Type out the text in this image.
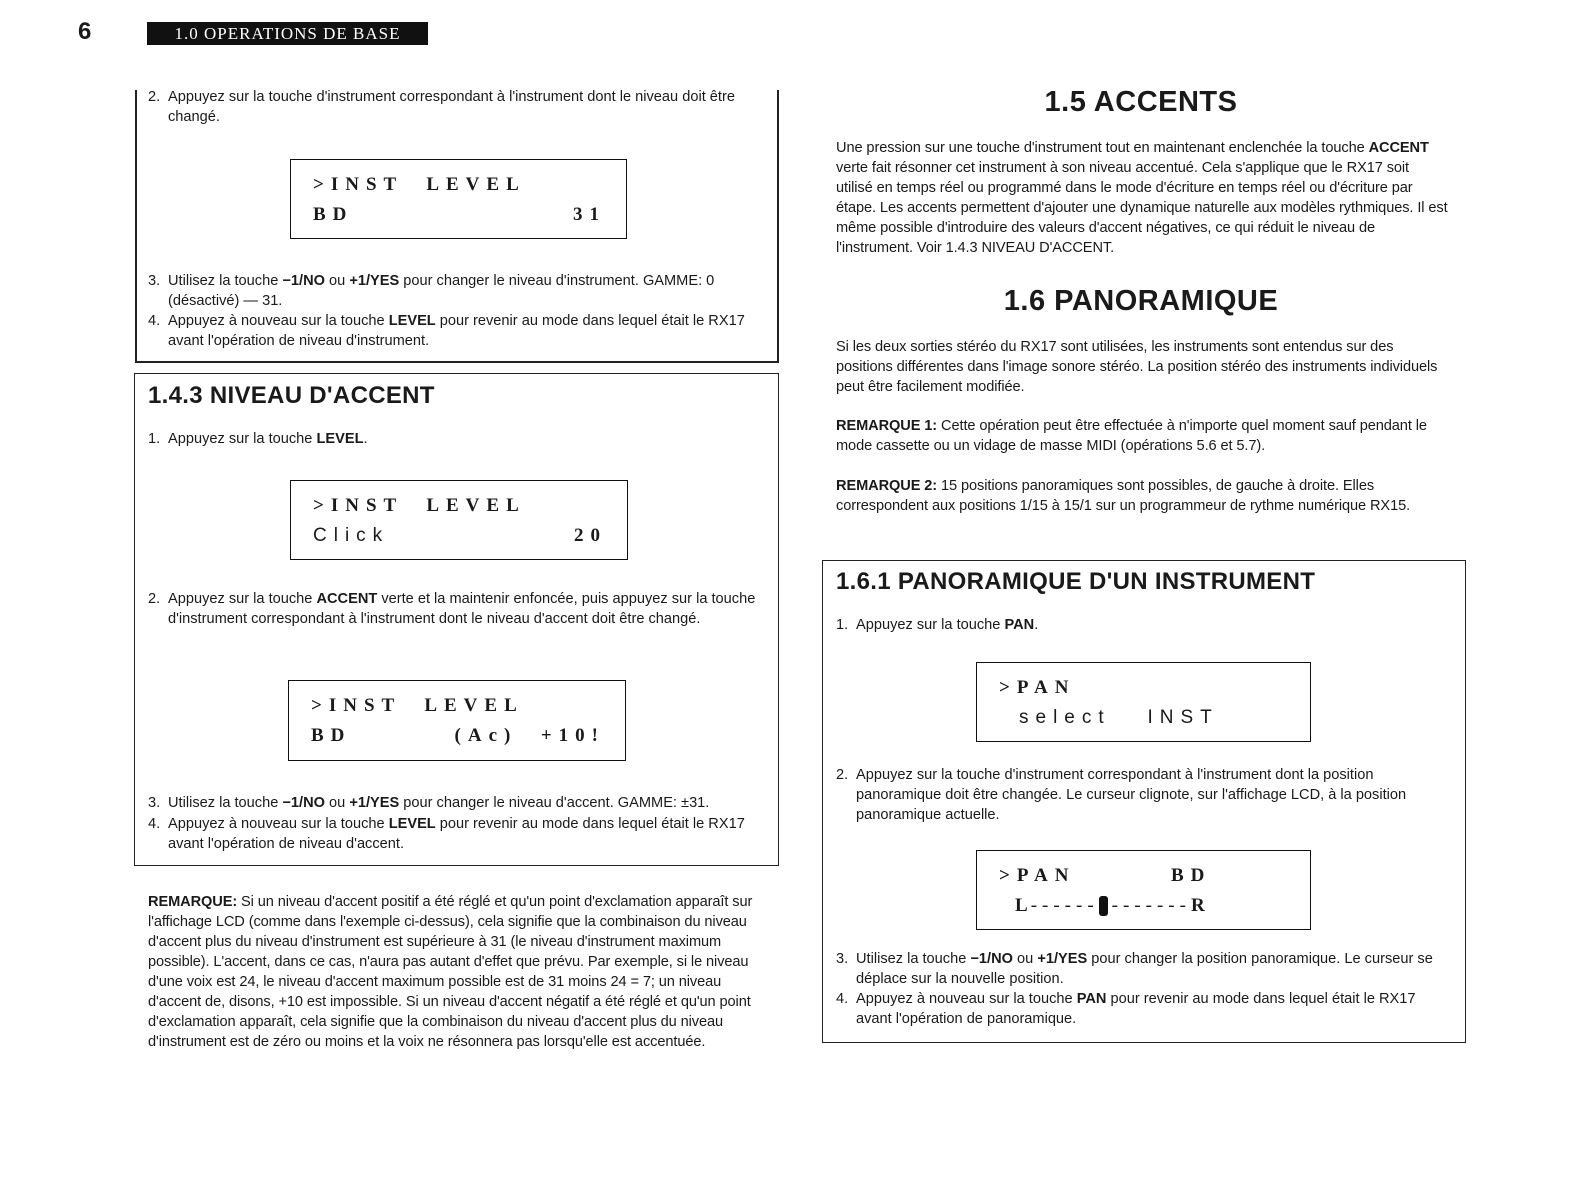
6	1.0 OPERATIONS DE BASE
2. Appuyez sur la touche d'instrument correspondant à l'instrument dont le niveau doit être changé.
>INST  LEVEL
BD	31
3. Utilisez la touche −1/NO ou +1/YES pour changer le niveau d'instrument. GAMME: 0 (désactivé) — 31.
4. Appuyez à nouveau sur la touche LEVEL pour revenir au mode dans lequel était le RX17 avant l'opération de niveau d'instrument.
1.4.3 NIVEAU D'ACCENT
1. Appuyez sur la touche LEVEL.
>INST  LEVEL
Click	20
2. Appuyez sur la touche ACCENT verte et la maintenir enfoncée, puis appuyez sur la touche d'instrument correspondant à l'instrument dont le niveau d'accent doit être changé.
>INST  LEVEL
BD	(Ac)  +10!
3. Utilisez la touche −1/NO ou +1/YES pour changer le niveau d'accent. GAMME: ±31.
4. Appuyez à nouveau sur la touche LEVEL pour revenir au mode dans lequel était le RX17 avant l'opération de niveau d'accent.
REMARQUE: Si un niveau d'accent positif a été réglé et qu'un point d'exclamation apparaît sur l'affichage LCD (comme dans l'exemple ci-dessus), cela signifie que la combinaison du niveau d'accent plus du niveau d'instrument est supérieure à 31 (le niveau d'instrument maximum possible). L'accent, dans ce cas, n'aura pas autant d'effet que prévu. Par exemple, si le niveau d'une voix est 24, le niveau d'accent maximum possible est de 31 moins 24 = 7; un niveau d'accent de, disons, +10 est impossible. Si un niveau d'accent négatif a été réglé et qu'un point d'exclamation apparaît, cela signifie que la combinaison du niveau d'accent plus du niveau d'instrument est de zéro ou moins et la voix ne résonnera pas lorsqu'elle est accentuée.
1.5 ACCENTS
Une pression sur une touche d'instrument tout en maintenant enclenchée la touche ACCENT verte fait résonner cet instrument à son niveau accentué. Cela s'applique que le RX17 soit utilisé en temps réel ou programmé dans le mode d'écriture en temps réel ou d'écriture par étape. Les accents permettent d'ajouter une dynamique naturelle aux modèles rythmiques. Il est même possible d'introduire des valeurs d'accent négatives, ce qui réduit le niveau de l'instrument. Voir 1.4.3 NIVEAU D'ACCENT.
1.6 PANORAMIQUE
Si les deux sorties stéréo du RX17 sont utilisées, les instruments sont entendus sur des positions différentes dans l'image sonore stéréo. La position stéréo des instruments individuels peut être facilement modifiée.
REMARQUE 1: Cette opération peut être effectuée à n'importe quel moment sauf pendant le mode cassette ou un vidage de masse MIDI (opérations 5.6 et 5.7).
REMARQUE 2: 15 positions panoramiques sont possibles, de gauche à droite. Elles correspondent aux positions 1/15 à 15/1 sur un programmeur de rythme numérique RX15.
1.6.1 PANORAMIQUE D'UN INSTRUMENT
1. Appuyez sur la touche PAN.
>PAN
select   INST
2. Appuyez sur la touche d'instrument correspondant à l'instrument dont la position panoramique doit être changée. Le curseur clignote, sur l'affichage LCD, à la position panoramique actuelle.
>PAN	BD
L ------ ------- R
3. Utilisez la touche −1/NO ou +1/YES pour changer la position panoramique. Le curseur se déplace sur la nouvelle position.
4. Appuyez à nouveau sur la touche PAN pour revenir au mode dans lequel était le RX17 avant l'opération de panoramique.
